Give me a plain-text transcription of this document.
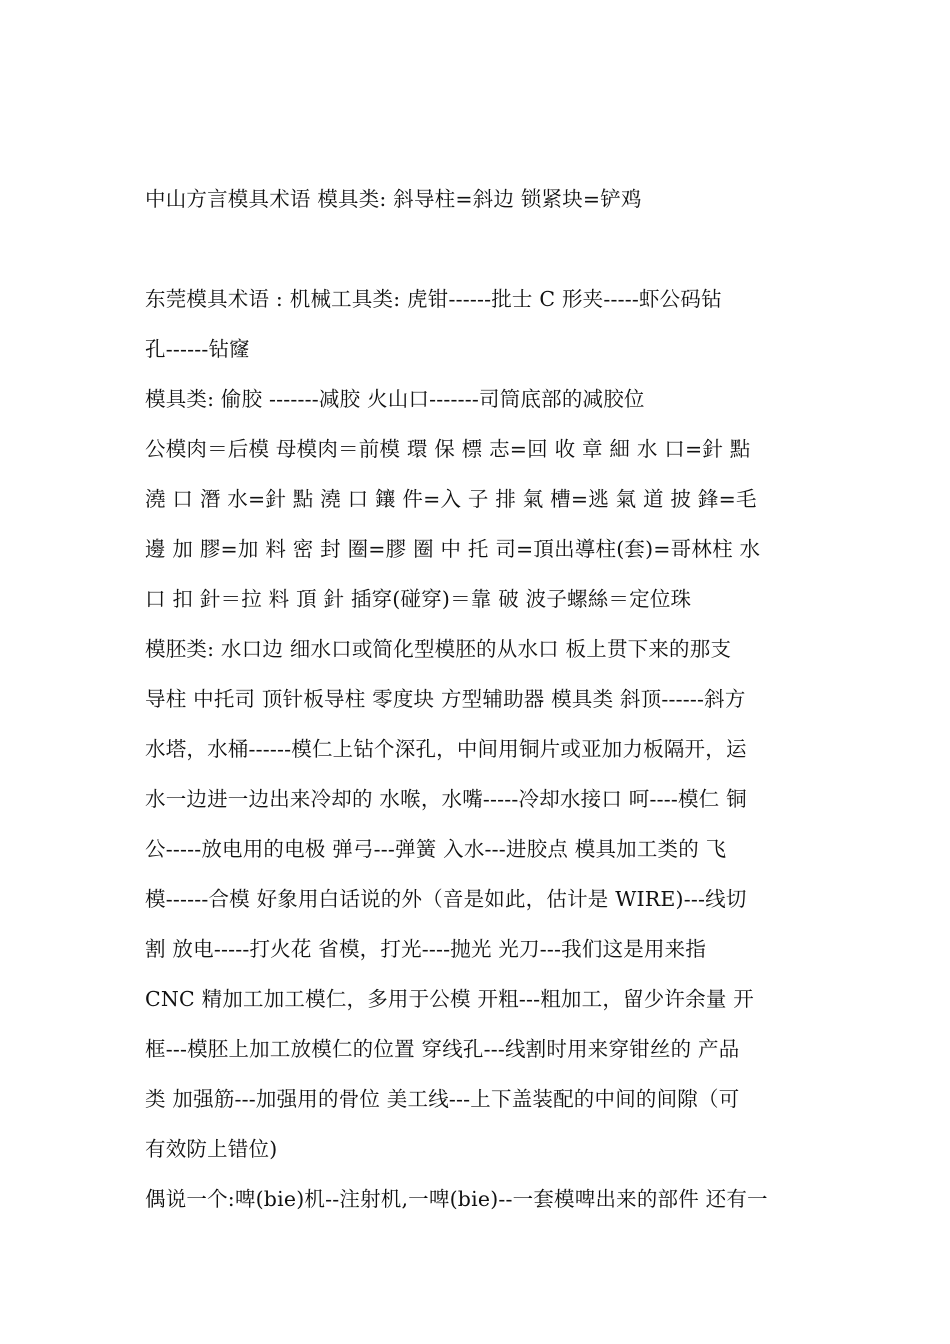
中山方言模具术语 模具类: 斜导柱=斜边 锁紧块=铲鸡
东莞模具术语 : 机械工具类: 虎钳------批士 C 形夹-----虾公码钻
孔------钻窿
模具类: 偷胶 -------减胶 火山口-------司筒底部的减胶位
公模肉＝后模 母模肉＝前模 環 保 標 志=回 收 章 細 水 口=針 點
澆 口 潛 水=針 點 澆 口 鑲 件=入 子 排 氣 槽=逃 氣 道 披 鋒=毛
邊 加 膠=加 料 密 封 圈=膠 圈 中 托 司=頂出導柱(套)=哥林柱 水
口 扣 針＝拉 料 頂 針 插穿(碰穿)＝靠 破 波子螺絲＝定位珠
模胚类: 水口边 细水口或简化型模胚的从水口 板上贯下来的那支
导柱 中托司 顶针板导柱 零度块 方型辅助器 模具类 斜顶------斜方
水塔，水桶------模仁上钻个深孔，中间用铜片或亚加力板隔开，运
水一边进一边出来冷却的 水喉，水嘴-----冷却水接口 呵----模仁 铜
公-----放电用的电极 弹弓---弹簧 入水---进胶点 模具加工类的 飞
模------合模 好象用白话说的外（音是如此，估计是 WIRE)---线切
割 放电-----打火花 省模，打光----抛光 光刀---我们这是用来指
CNC 精加工加工模仁，多用于公模 开粗---粗加工，留少许余量 开
框---模胚上加工放模仁的位置 穿线孔---线割时用来穿钳丝的 产品
类 加强筋---加强用的骨位 美工线---上下盖装配的中间的间隙（可
有效防上错位)
偶说一个:啤(bie)机--注射机,一啤(bie)--一套模啤出来的部件 还有一
